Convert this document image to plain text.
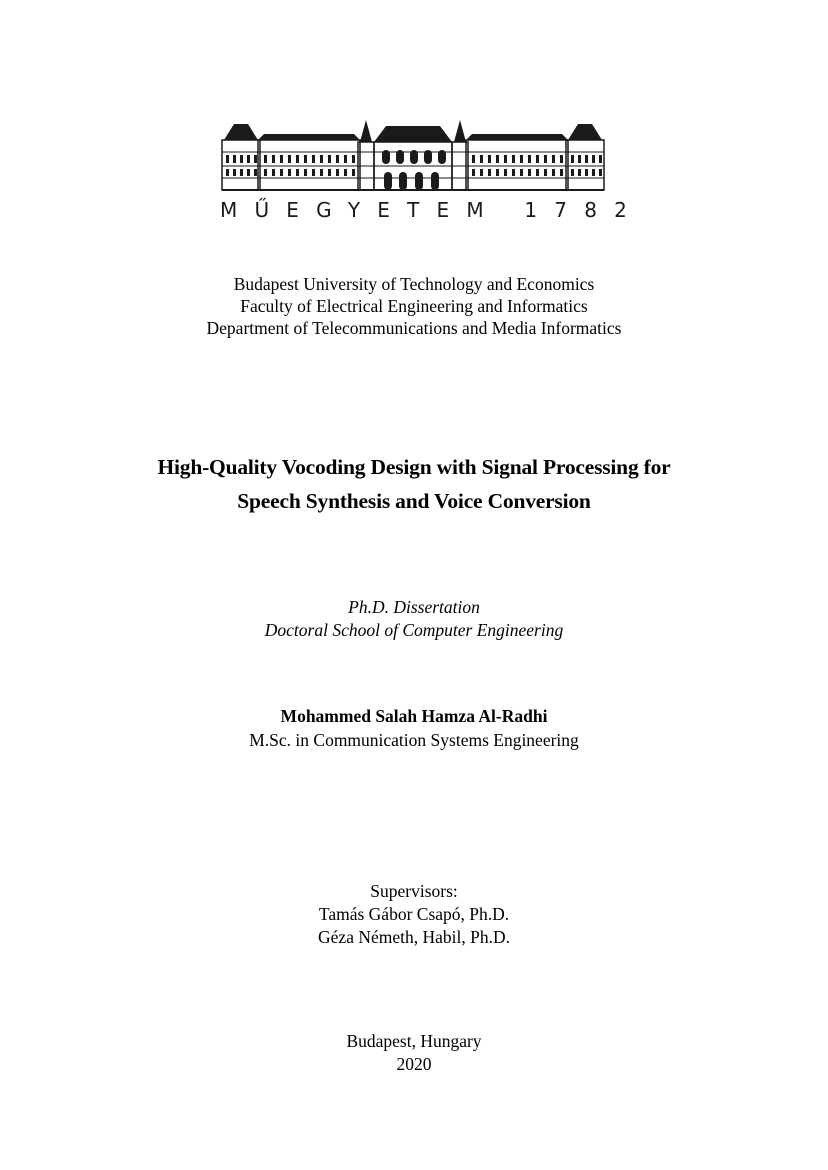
MŰEGYETEM 1782
Budapest University of Technology and Economics
Faculty of Electrical Engineering and Informatics
Department of Telecommunications and Media Informatics
High-Quality Vocoding Design with Signal Processing for
Speech Synthesis and Voice Conversion
Ph.D. Dissertation
Doctoral School of Computer Engineering
Mohammed Salah Hamza Al-Radhi
M.Sc. in Communication Systems Engineering
Supervisors:
Tamás Gábor Csapó, Ph.D.
Géza Németh, Habil, Ph.D.
Budapest, Hungary
2020
